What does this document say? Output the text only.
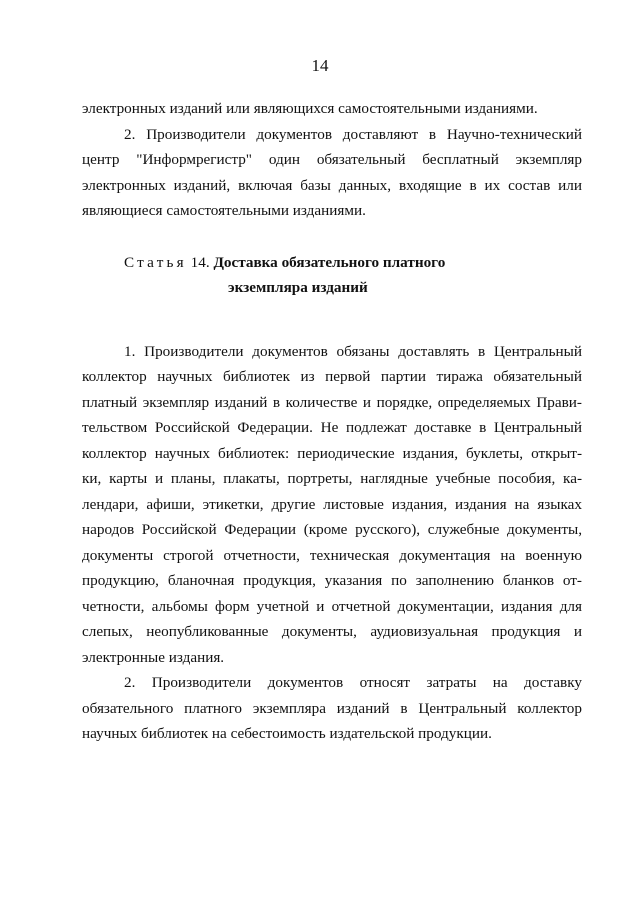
14
электронных изданий или являющихся самостоятельными изданиями.
2. Производители документов доставляют в Научно-технический
центр "Информрегистр" один обязательный бесплатный экземпляр
электронных изданий, включая базы данных, входящие в их состав или
являющиеся самостоятельными изданиями.
Статья 14. Доставка обязательного платного
экземпляра изданий
1. Производители документов обязаны доставлять в Центральный
коллектор научных библиотек из первой партии тиража обязательный
платный экземпляр изданий в количестве и порядке, определяемых Прави-
тельством Российской Федерации. Не подлежат доставке в Центральный
коллектор научных библиотек: периодические издания, буклеты, открыт-
ки, карты и планы, плакаты, портреты, наглядные учебные пособия, ка-
лендари, афиши, этикетки, другие листовые издания, издания на языках
народов Российской Федерации (кроме русского), служебные документы,
документы строгой отчетности, техническая документация на военную
продукцию, бланочная продукция, указания по заполнению бланков от-
четности, альбомы форм учетной и отчетной документации, издания для
слепых, неопубликованные документы, аудиовизуальная продукция и
электронные издания.
2. Производители документов относят затраты на доставку
обязательного платного экземпляра изданий в Центральный коллектор
научных библиотек на себестоимость издательской продукции.
